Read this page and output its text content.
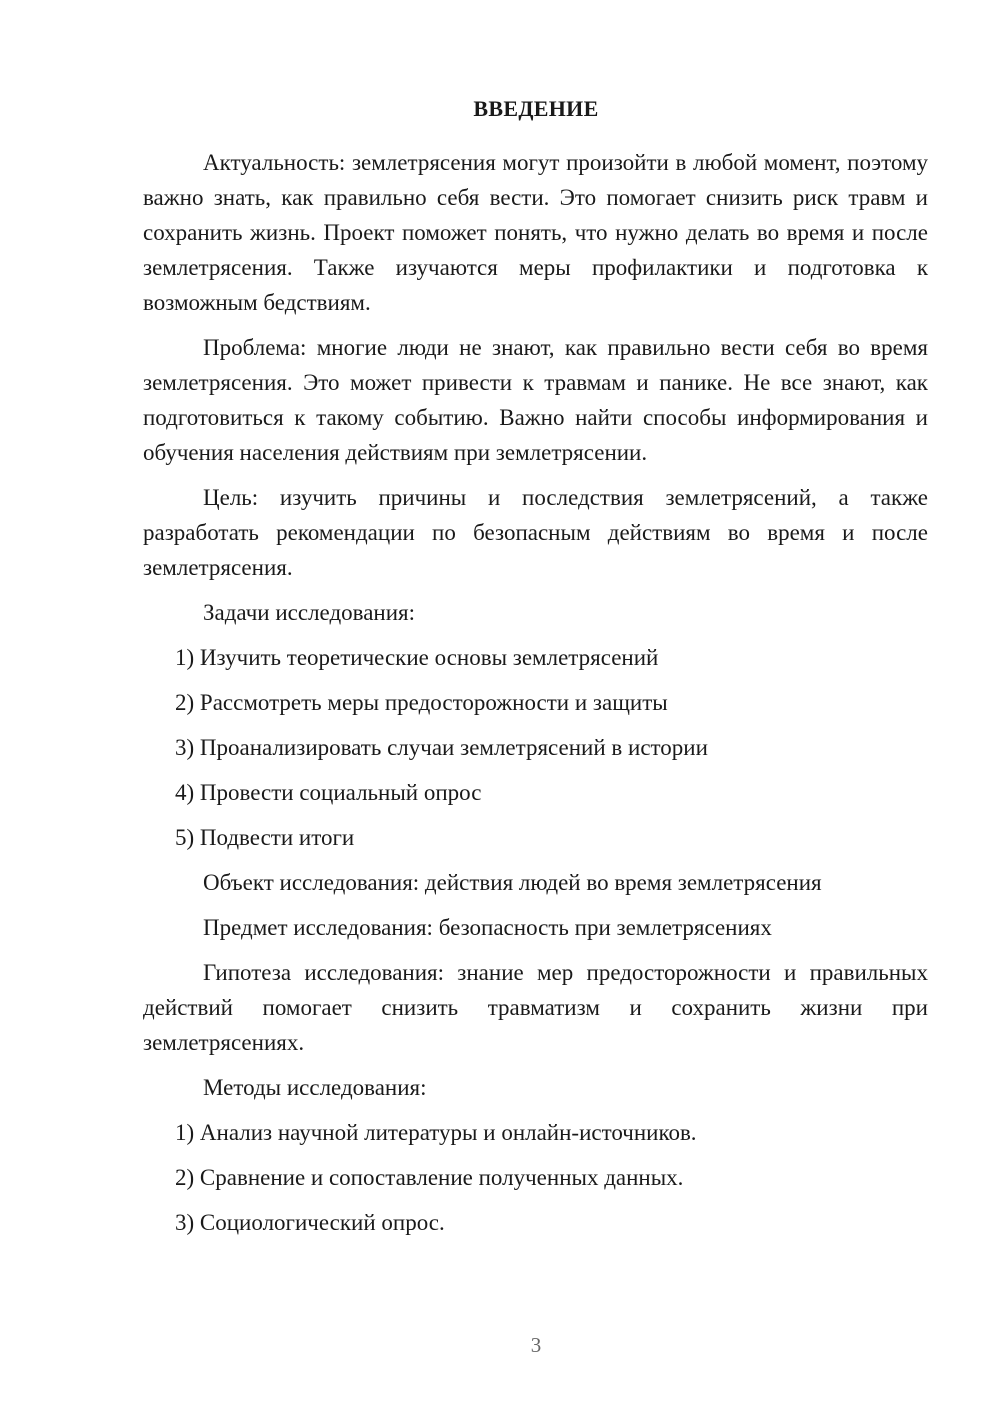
ВВЕДЕНИЕ

Актуальность: землетрясения могут произойти в любой момент, поэтому важно знать, как правильно себя вести. Это помогает снизить риск травм и сохранить жизнь. Проект поможет понять, что нужно делать во время и после землетрясения. Также изучаются меры профилактики и подготовка к возможным бедствиям.

Проблема: многие люди не знают, как правильно вести себя во время землетрясения. Это может привести к травмам и панике. Не все знают, как подготовиться к такому событию. Важно найти способы информирования и обучения населения действиям при землетрясении.

Цель: изучить причины и последствия землетрясений, а также разработать рекомендации по безопасным действиям во время и после землетрясения.

Задачи исследования:

1) Изучить теоретические основы землетрясений

2) Рассмотреть меры предосторожности и защиты

3) Проанализировать случаи землетрясений в истории

4) Провести социальный опрос

5) Подвести итоги

Объект исследования: действия людей во время землетрясения

Предмет исследования: безопасность при землетрясениях

Гипотеза исследования: знание мер предосторожности и правильных действий помогает снизить травматизм и сохранить жизни при землетрясениях.

Методы исследования:

1) Анализ научной литературы и онлайн-источников.

2) Сравнение и сопоставление полученных данных.

3) Социологический опрос.

3
